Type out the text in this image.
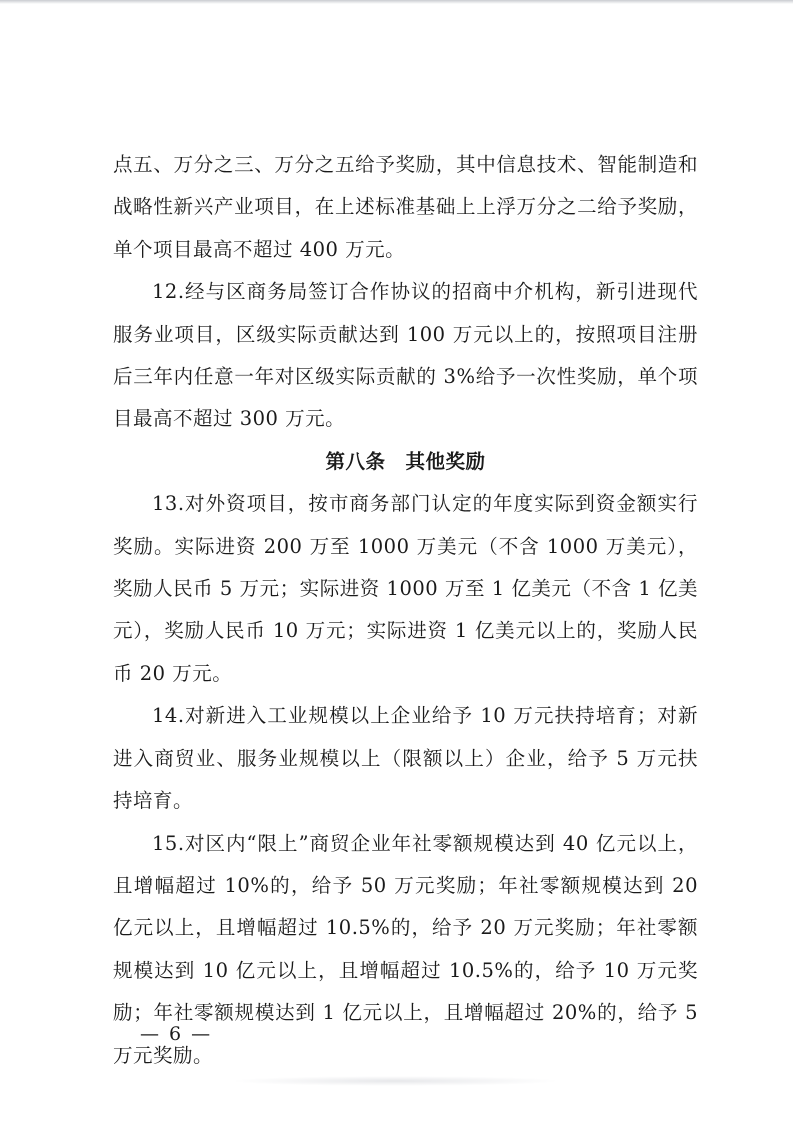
点五、万分之三、万分之五给予奖励，其中信息技术、智能制造和战略性新兴产业项目，在上述标准基础上上浮万分之二给予奖励，单个项目最高不超过 400 万元。

12.经与区商务局签订合作协议的招商中介机构，新引进现代服务业项目，区级实际贡献达到 100 万元以上的，按照项目注册后三年内任意一年对区级实际贡献的 3%给予一次性奖励，单个项目最高不超过 300 万元。

第八条　其他奖励

13.对外资项目，按市商务部门认定的年度实际到资金额实行奖励。实际进资 200 万至 1000 万美元（不含 1000 万美元），奖励人民币 5 万元；实际进资 1000 万至 1 亿美元（不含 1 亿美元），奖励人民币 10 万元；实际进资 1 亿美元以上的，奖励人民币 20 万元。

14.对新进入工业规模以上企业给予 10 万元扶持培育；对新进入商贸业、服务业规模以上（限额以上）企业，给予 5 万元扶持培育。

15.对区内“限上”商贸企业年社零额规模达到 40 亿元以上，且增幅超过 10%的，给予 50 万元奖励；年社零额规模达到 20 亿元以上，且增幅超过 10.5%的，给予 20 万元奖励；年社零额规模达到 10 亿元以上，且增幅超过 10.5%的，给予 10 万元奖励；年社零额规模达到 1 亿元以上，且增幅超过 20%的，给予 5 万元奖励。

— 6 —
